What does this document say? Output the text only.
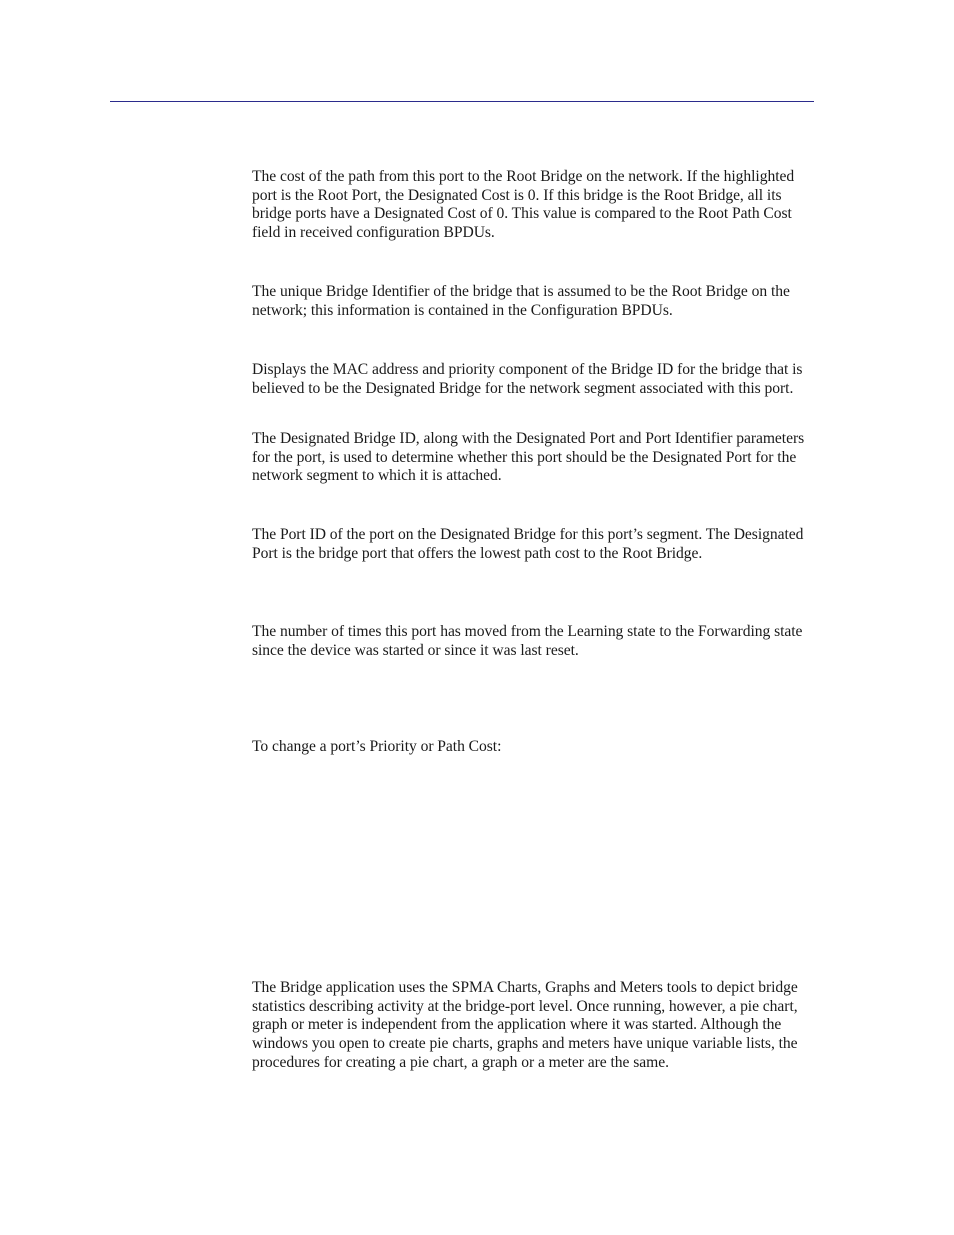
The cost of the path from this port to the Root Bridge on the network. If the highlighted port is the Root Port, the Designated Cost is 0. If this bridge is the Root Bridge, all its bridge ports have a Designated Cost of 0. This value is compared to the Root Path Cost field in received configuration BPDUs.

The unique Bridge Identifier of the bridge that is assumed to be the Root Bridge on the network; this information is contained in the Configuration BPDUs.

Displays the MAC address and priority component of the Bridge ID for the bridge that is believed to be the Designated Bridge for the network segment associated with this port.

The Designated Bridge ID, along with the Designated Port and Port Identifier parameters for the port, is used to determine whether this port should be the Designated Port for the network segment to which it is attached.

The Port ID of the port on the Designated Bridge for this port’s segment. The Designated Port is the bridge port that offers the lowest path cost to the Root Bridge.

The number of times this port has moved from the Learning state to the Forwarding state since the device was started or since it was last reset.

To change a port’s Priority or Path Cost:

The Bridge application uses the SPMA Charts, Graphs and Meters tools to depict bridge statistics describing activity at the bridge-port level. Once running, however, a pie chart, graph or meter is independent from the application where it was started. Although the windows you open to create pie charts, graphs and meters have unique variable lists, the procedures for creating a pie chart, a graph or a meter are the same.
